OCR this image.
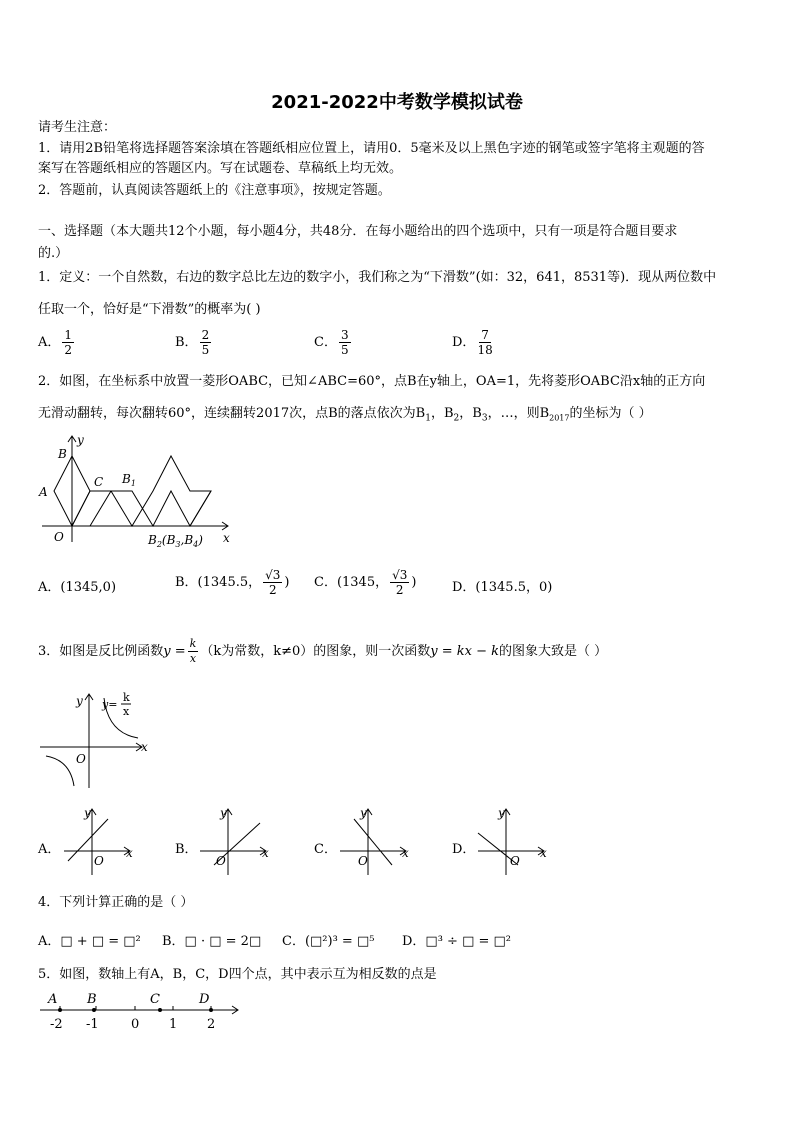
2021-2022中考数学模拟试卷
请考生注意：
1．请用2B铅笔将选择题答案涂填在答题纸相应位置上，请用0．5毫米及以上黑色字迹的钢笔或签字笔将主观题的答
案写在答题纸相应的答题区内。写在试题卷、草稿纸上均无效。
2．答题前，认真阅读答题纸上的《注意事项》，按规定答题。
一、选择题（本大题共12个小题，每小题4分，共48分．在每小题给出的四个选项中，只有一项是符合题目要求
的.）
1．定义：一个自然数，右边的数字总比左边的数字小，我们称之为“下滑数”(如：32，641，8531等)．现从两位数中
任取一个，恰好是“下滑数”的概率为( )
A． $\frac{1}{2}$	B． $\frac{2}{5}$	C． $\frac{3}{5}$	D． $\frac{7}{18}$
2．如图，在坐标系中放置一菱形OABC，已知∠ABC=60°，点B在y轴上，OA=1，先将菱形OABC沿x轴的正方向
无滑动翻转，每次翻转60°，连续翻转2017次，点B的落点依次为$B_1$，$B_2$，$B_3$，…，则$B_{2017}$的坐标为（ ）
y
x
B
A
C
O
$B_1$
$B_2(B_3,B_4)$
A．(1345,0)	B．(1345.5， $\frac{√3}{2}$ ) C．(1345， $\frac{√3}{2}$ )	D．(1345.5，0)
3．如图是反比例函数$y = \frac{k}{x} (k$为常数，k≠0）的图象，则一次函数y = kx − k的图象大致是（ ）
y
x
O
y=
k
x
A．
y
x
O
B．
y
x
O
C．
y
x
O
D．
y
x
O
4．下列计算正确的是（ ）
A．□ + □ = □² B．□ · □ = 2□ C．(□²)³ = □⁵ D．□³ ÷ □ = □²
5．如图，数轴上有A，B，C，D四个点，其中表示互为相反数的点是
A B	C	D
-2 -1 0 1 2
